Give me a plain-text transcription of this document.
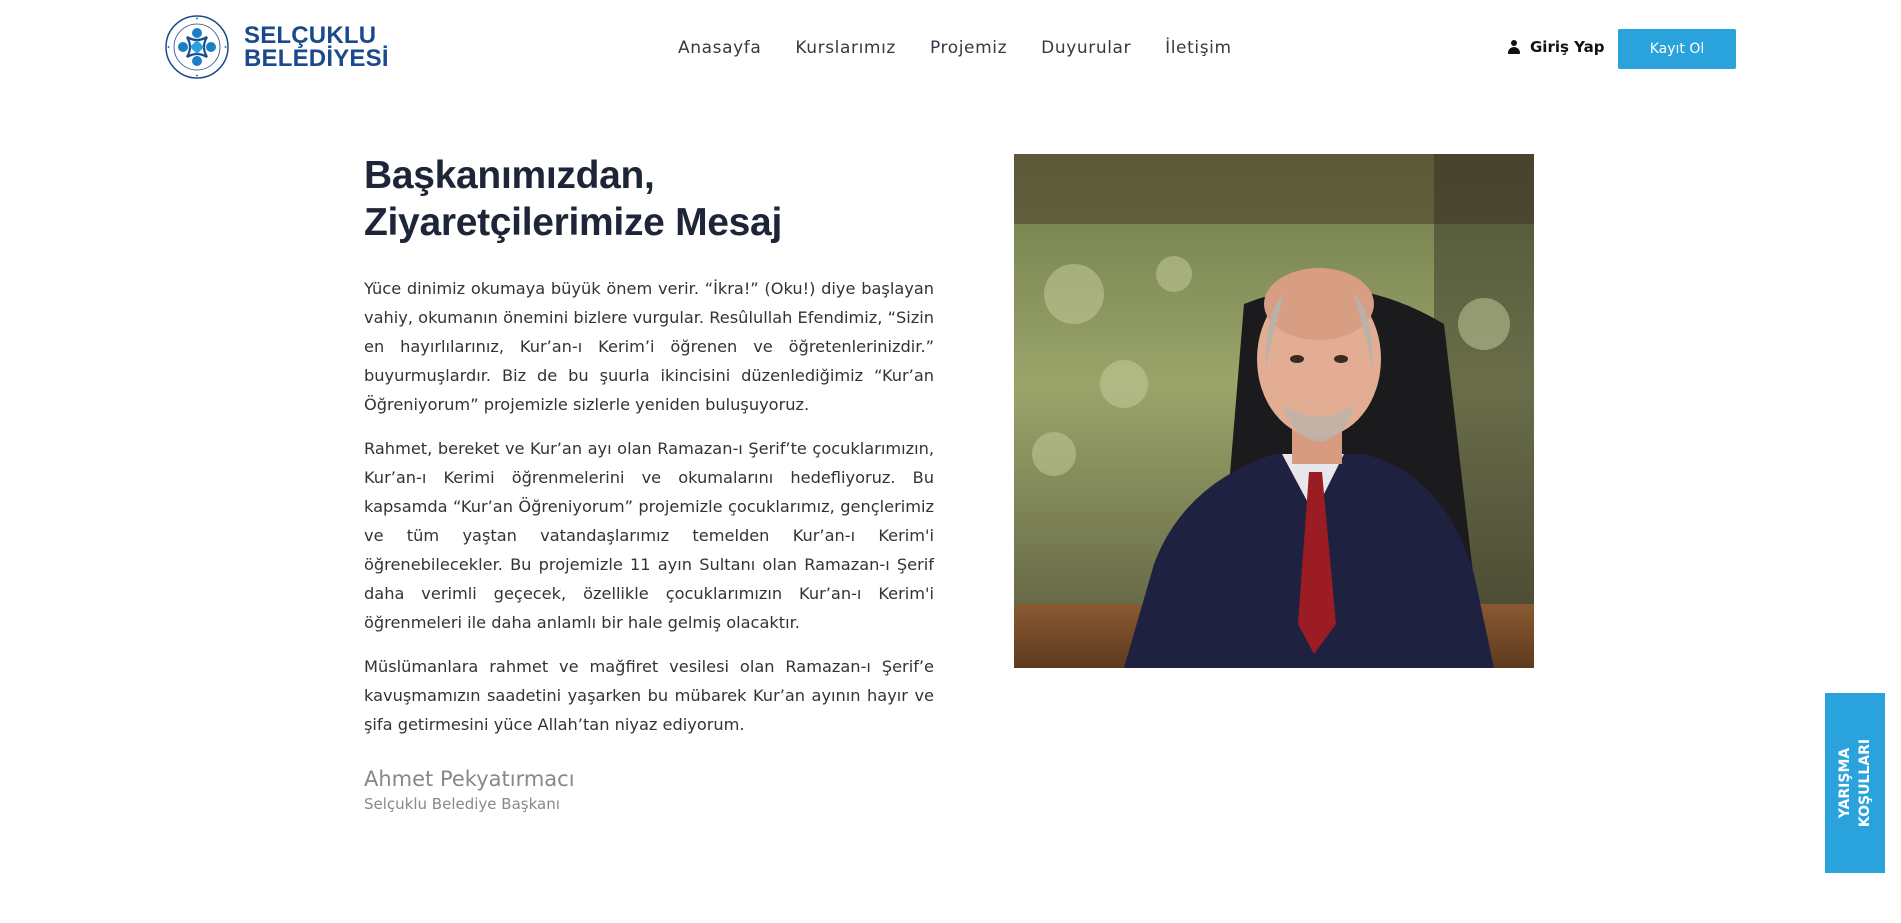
SELÇUKLU
BELEDİYESİ	Anasayfa Kurslarımız Projemiz Duyurular İletişim	Giriş Yap	Kayıt Ol
Başkanımızdan, Ziyaretçilerimize Mesaj

Yüce dinimiz okumaya büyük önem verir. “İkra!” (Oku!) diye başlayan vahiy, okumanın önemini bizlere vurgular. Resûlullah Efendimiz, “Sizin en hayırlılarınız, Kur’an-ı Kerim’i öğrenen ve öğretenlerinizdir.” buyurmuşlardır. Biz de bu şuurla ikincisini düzenlediğimiz “Kur’an Öğreniyorum” projemizle sizlerle yeniden buluşuyoruz.

Rahmet, bereket ve Kur’an ayı olan Ramazan-ı Şerif’te çocuklarımızın, Kur’an-ı Kerimi öğrenmelerini ve okumalarını hedefliyoruz. Bu kapsamda “Kur’an Öğreniyorum” projemizle çocuklarımız, gençlerimiz ve tüm yaştan vatandaşlarımız temelden Kur’an-ı Kerim'i öğrenebilecekler. Bu projemizle 11 ayın Sultanı olan Ramazan-ı Şerif daha verimli geçecek, özellikle çocuklarımızın Kur’an-ı Kerim'i öğrenmeleri ile daha anlamlı bir hale gelmiş olacaktır.

Müslümanlara rahmet ve mağfiret vesilesi olan Ramazan-ı Şerif’e kavuşmamızın saadetini yaşarken bu mübarek Kur’an ayının hayır ve şifa getirmesini yüce Allah’tan niyaz ediyorum.

Ahmet Pekyatırmacı
Selçuklu Belediye Başkanı	YARIŞMA KOŞULLARI
